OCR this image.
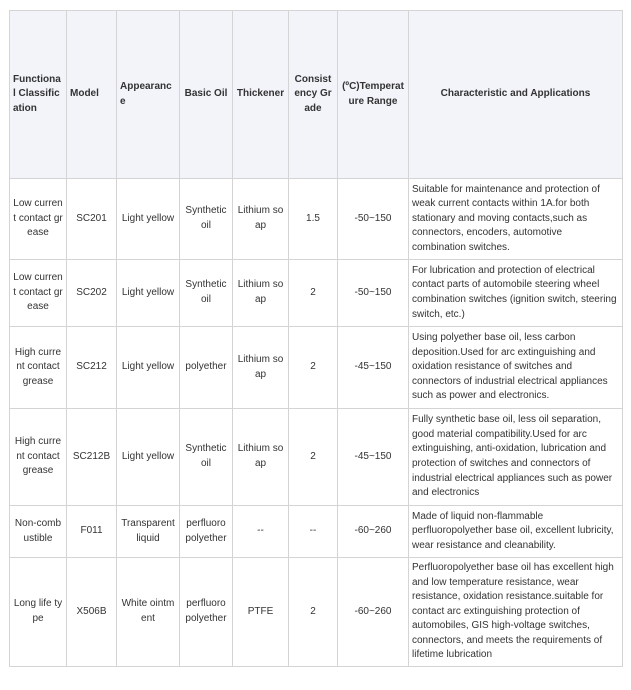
Functional Classification	Model	Appearance	Basic Oil	Thickener	Consistency Grade	(ºC)Temperature Range	Characteristic and Applications
Low current contact grease	SC201	Light yellow	Synthetic oil	Lithium soap	1.5	-50~150	Suitable for maintenance and protection of weak current contacts within 1A.for both stationary and moving contacts,such as connectors, encoders, automotive combination switches.
Low current contact grease	SC202	Light yellow	Synthetic oil	Lithium soap	2	-50~150	For lubrication and protection of electrical contact parts of automobile steering wheel combination switches (ignition switch, steering switch, etc.)
High current contact grease	SC212	Light yellow	polyether	Lithium soap	2	-45~150	Using polyether base oil, less carbon deposition.Used for arc extinguishing and oxidation resistance of switches and connectors of industrial electrical appliances such as power and electronics.
High current contact grease	SC212B	Light yellow	Synthetic oil	Lithium soap	2	-45~150	Fully synthetic base oil, less oil separation, good material compatibility.Used for arc extinguishing, anti-oxidation, lubrication and protection of switches and connectors of industrial electrical appliances such as power and electronics
Non-combustible	F011	Transparent liquid	perfluoro polyether	--	--	-60~260	Made of liquid non-flammable perfluoropolyether base oil, excellent lubricity, wear resistance and cleanability.
Long life type	X506B	White ointment	perfluoro polyether	PTFE	2	-60~260	Perfluoropolyether base oil has excellent high and low temperature resistance, wear resistance, oxidation resistance.suitable for contact arc extinguishing protection of automobiles, GIS high-voltage switches, connectors, and meets the requirements of lifetime lubrication
